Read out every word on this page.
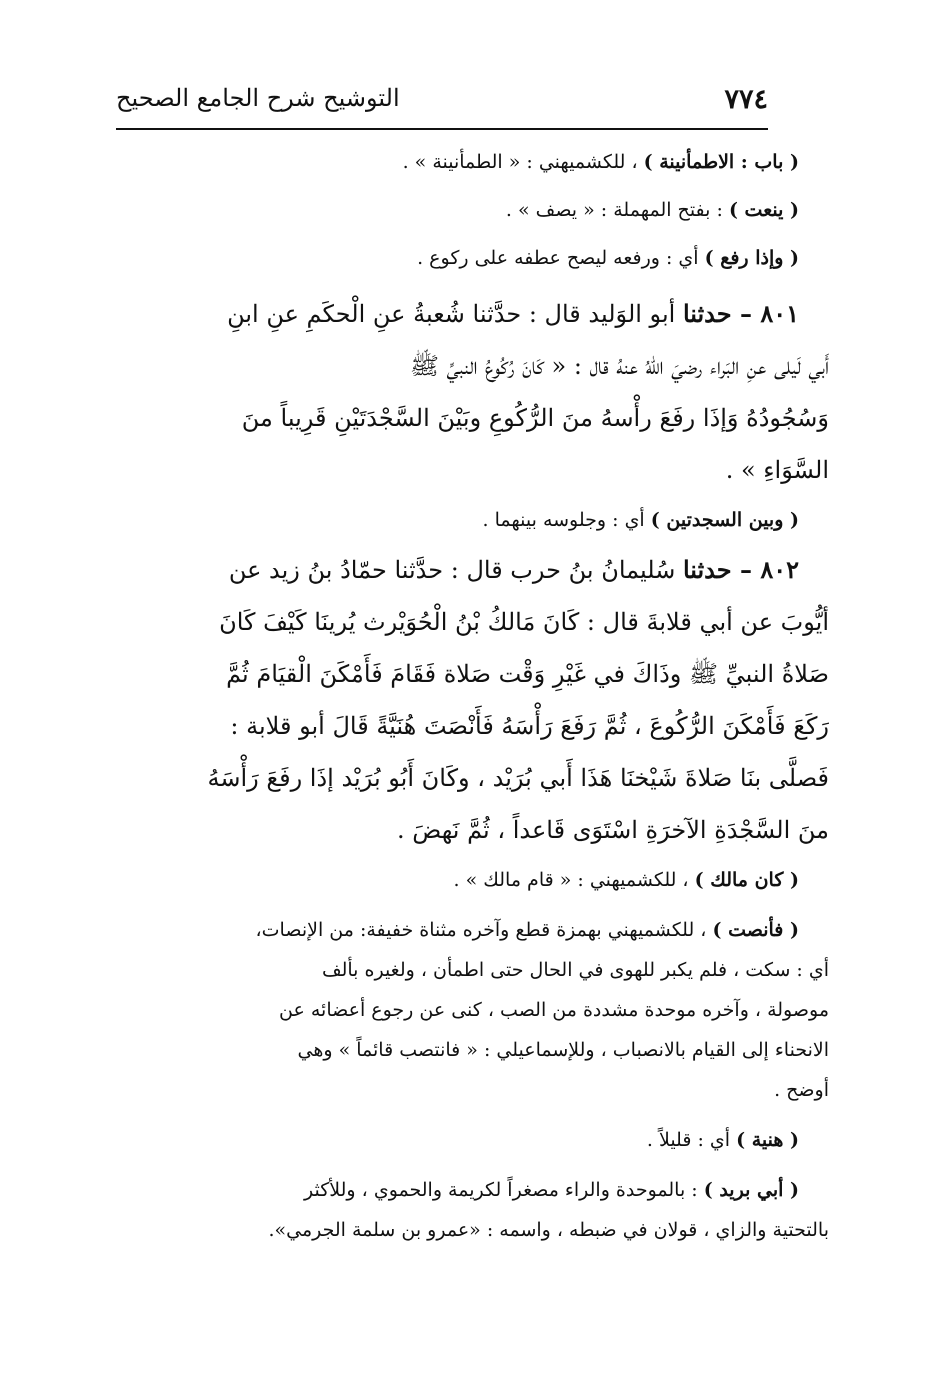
٧٧٤
التوشيح شرح الجامع الصحيح
( باب : الاطمأنينة ) ، للكشميهني : « الطمأنينة » .
( ينعت ) : بفتح المهملة : « يصف » .
( وإذا رفع ) أي : ورفعه ليصح عطفه على ركوع .
٨٠١ – حدثنا أبو الوَليد قال : حدَّثنا شُعبةُ عنِ الْحكَمِ عنِ ابنِ
أَبي لَيلى عنِ البَراء رضيَ اللهُ عنهُ قال : « كَانَ رُكُوعُ النبيِّ ﷺ
وَسُجُودُهُ وَإذَا رفَعَ رأْسهُ منَ الرُّكُوعِ وبَيْنَ السَّجْدَتَيْنِ قَرِيباً منَ
السَّوَاءِ » .
( وبين السجدتين ) أي : وجلوسه بينهما .
٨٠٢ – حدثنا سُليمانُ بنُ حرب قال : حدَّثنا حمّادُ بنُ زيد عن
أيُّوبَ عن أبي قلابةَ قال : كَانَ مَالكُ بْنُ الْحُوَيْرث يُرينَا كَيْفَ كَانَ
صَلاةُ النبيِّ ﷺ وذَاكَ في غَيْرِ وَقْت صَلاة فَقَامَ فَأَمْكَنَ الْقيَامَ ثُمَّ
رَكَعَ فَأَمْكَنَ الرُّكُوعَ ، ثُمَّ رَفَعَ رَأْسَهُ فَأَنْصَتَ هُنَيَّةً قَالَ أبو قلابة :
فَصلَّى بنَا صَلاةَ شَيْخنَا هَذَا أَبي بُرَيْد ، وكَانَ أَبُو بُرَيْد إذَا رفَعَ رَأْسَهُ
منَ السَّجْدَةِ الآخرَةِ اسْتَوَى قَاعداً ، ثُمَّ نَهضَ .
( كان مالك ) ، للكشميهني : « قام مالك » .
( فأنصت ) ، للكشميهني بهمزة قطع وآخره مثناة خفيفة: من الإنصات،
أي : سكت ، فلم يكبر للهوى في الحال حتى اطمأن ، ولغيره بألف
موصولة ، وآخره موحدة مشددة من الصب ، كنى عن رجوع أعضائه عن
الانحناء إلى القيام بالانصباب ، وللإسماعيلي : « فانتصب قائماً » وهي
أوضح .
( هنية ) أي : قليلاً .
( أبي بريد ) : بالموحدة والراء مصغراً لكريمة والحموي ، وللأكثر
بالتحتية والزاي ، قولان في ضبطه ، واسمه : «عمرو بن سلمة الجرمي».
